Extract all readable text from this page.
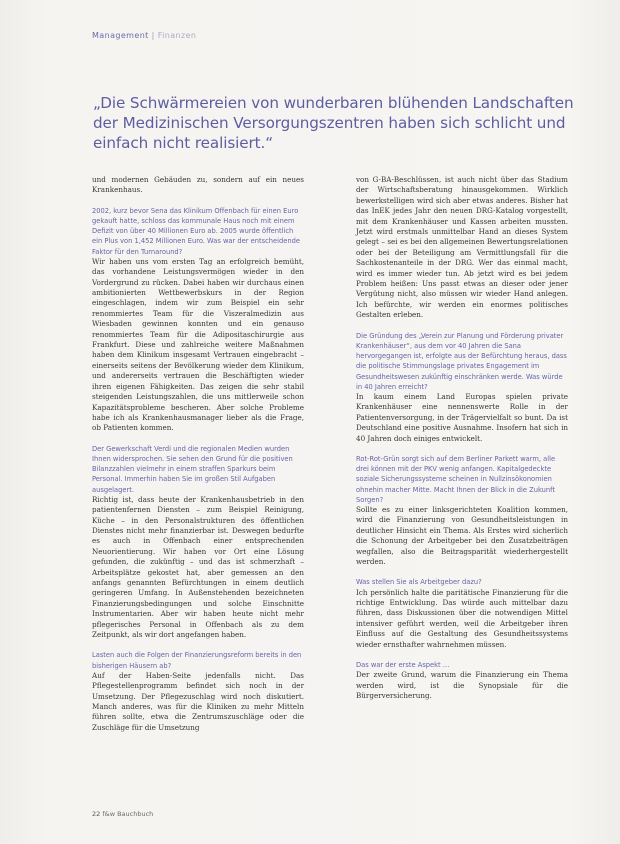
Management | Finanzen
„Die Schwärmereien von wunderbaren blühenden Landschaften der Medizinischen Versorgungszentren haben sich schlicht und einfach nicht realisiert.“

und modernen Gebäuden zu, sondern auf ein neues Krankenhaus.

2002, kurz bevor Sena das Klinikum Offenbach für einen Euro gekauft hatte, schloss das kommunale Haus noch mit einem Defizit von über 40 Millionen Euro ab. 2005 wurde öffentlich ein Plus von 1,452 Millionen Euro. Was war der entscheidende Faktor für den Turnaround?

Wir haben uns vom ersten Tag an erfolgreich bemüht, das vorhandene Leistungsvermögen wieder in den Vordergrund zu rücken. Dabei haben wir durchaus einen ambitionierten Wettbewerbskurs in der Region eingeschlagen, indem wir zum Beispiel ein sehr renommiertes Team für die Viszeralmedizin aus Wiesbaden gewinnen konnten und ein genauso renommiertes Team für die Adipositaschirurgie aus Frankfurt. Diese und zahlreiche weitere Maßnahmen haben dem Klinikum insgesamt Vertrauen eingebracht – einerseits seitens der Bevölkerung wieder dem Klinikum, und andererseits vertrauen die Beschäftigten wieder ihren eigenen Fähigkeiten. Das zeigen die sehr stabil steigenden Leistungszahlen, die uns mittlerweile schon Kapazitätsprobleme bescheren. Aber solche Probleme habe ich als Krankenhausmanager lieber als die Frage, ob Patienten kommen.

Der Gewerkschaft Verdi und die regionalen Medien wurden Ihnen widersprochen. Sie sehen den Grund für die positiven Bilanzzahlen vielmehr in einem straffen Sparkurs beim Personal. Immerhin haben Sie im großen Stil Aufgaben ausgelagert.

Richtig ist, dass heute der Krankenhausbetrieb in den patientenfernen Diensten – zum Beispiel Reinigung, Küche – in den Personalstrukturen des öffentlichen Dienstes nicht mehr finanzierbar ist. Deswegen bedurfte es auch in Offenbach einer entsprechenden Neuorientierung. Wir haben vor Ort eine Lösung gefunden, die zukünftig – und das ist schmerzhaft – Arbeitsplätze gekostet hat, aber gemessen an den anfangs genannten Befürchtungen in einem deutlich geringeren Umfang. In Außenstehenden bezeichneten Finanzierungsbedingungen und solche Einschnitte Instrumentarien. Aber wir haben heute nicht mehr pflegerisches Personal in Offenbach als zu dem Zeitpunkt, als wir dort angefangen haben.

Lasten auch die Folgen der Finanzierungsreform bereits in den bisherigen Häusern ab?

Auf der Haben-Seite jedenfalls nicht. Das Pflegestellenprogramm befindet sich noch in der Umsetzung. Der Pflegezuschlag wird noch diskutiert. Manch anderes, was für die Kliniken zu mehr Mitteln führen sollte, etwa die Zentrumszuschläge oder die Zuschläge für die Umsetzung

von G-BA-Beschlüssen, ist auch nicht über das Stadium der Wirtschaftsberatung hinausgekommen. Wirklich bewerkstelligen wird sich aber etwas anderes. Bisher hat das InEK jedes Jahr den neuen DRG-Katalog vorgestellt, mit dem Krankenhäuser und Kassen arbeiten mussten. Jetzt wird erstmals unmittelbar Hand an dieses System gelegt – sei es bei den allgemeinen Bewertungsrelationen oder bei der Beteiligung am Vermittlungsfall für die Sachkostenanteile in der DRG. Wer das einmal macht, wird es immer wieder tun. Ab jetzt wird es bei jedem Problem heißen: Uns passt etwas an dieser oder jener Vergütung nicht, also müssen wir wieder Hand anlegen. Ich befürchte, wir werden ein enormes politisches Gestalten erleben.

Die Gründung des „Verein zur Planung und Förderung privater Krankenhäuser“, aus dem vor 40 Jahren die Sana hervorgegangen ist, erfolgte aus der Befürchtung heraus, dass die politische Stimmungslage privates Engagement im Gesundheitswesen zukünftig einschränken werde. Was würde in 40 Jahren erreicht?

In kaum einem Land Europas spielen private Krankenhäuser eine nennenswerte Rolle in der Patientenversorgung, in der Trägervielfalt so bunt. Da ist Deutschland eine positive Ausnahme. Insofern hat sich in 40 Jahren doch einiges entwickelt.

Rot-Rot-Grün sorgt sich auf dem Berliner Parkett warm, alle drei können mit der PKV wenig anfangen. Kapitalgedeckte soziale Sicherungssysteme scheinen in Nullzinsökonomien ohnehin macher Mitte. Macht Ihnen der Blick in die Zukunft Sorgen?

Sollte es zu einer linksgerichteten Koalition kommen, wird die Finanzierung von Gesundheitsleistungen in deutlicher Hinsicht ein Thema. Als Erstes wird sicherlich die Schonung der Arbeitgeber bei den Zusatzbeiträgen wegfallen, also die Beitragsparität wiederhergestellt werden.

Was stellen Sie als Arbeitgeber dazu?

Ich persönlich halte die paritätische Finanzierung für die richtige Entwicklung. Das würde auch mittelbar dazu führen, dass Diskussionen über die notwendigen Mittel intensiver geführt werden, weil die Arbeitgeber ihren Einfluss auf die Gestaltung des Gesundheitssystems wieder ernsthafter wahrnehmen müssen.

Das war der erste Aspekt …

Der zweite Grund, warum die Finanzierung ein Thema werden wird, ist die Synopsiale für die Bürgerversicherung.

22 f&w Bauchbuch
